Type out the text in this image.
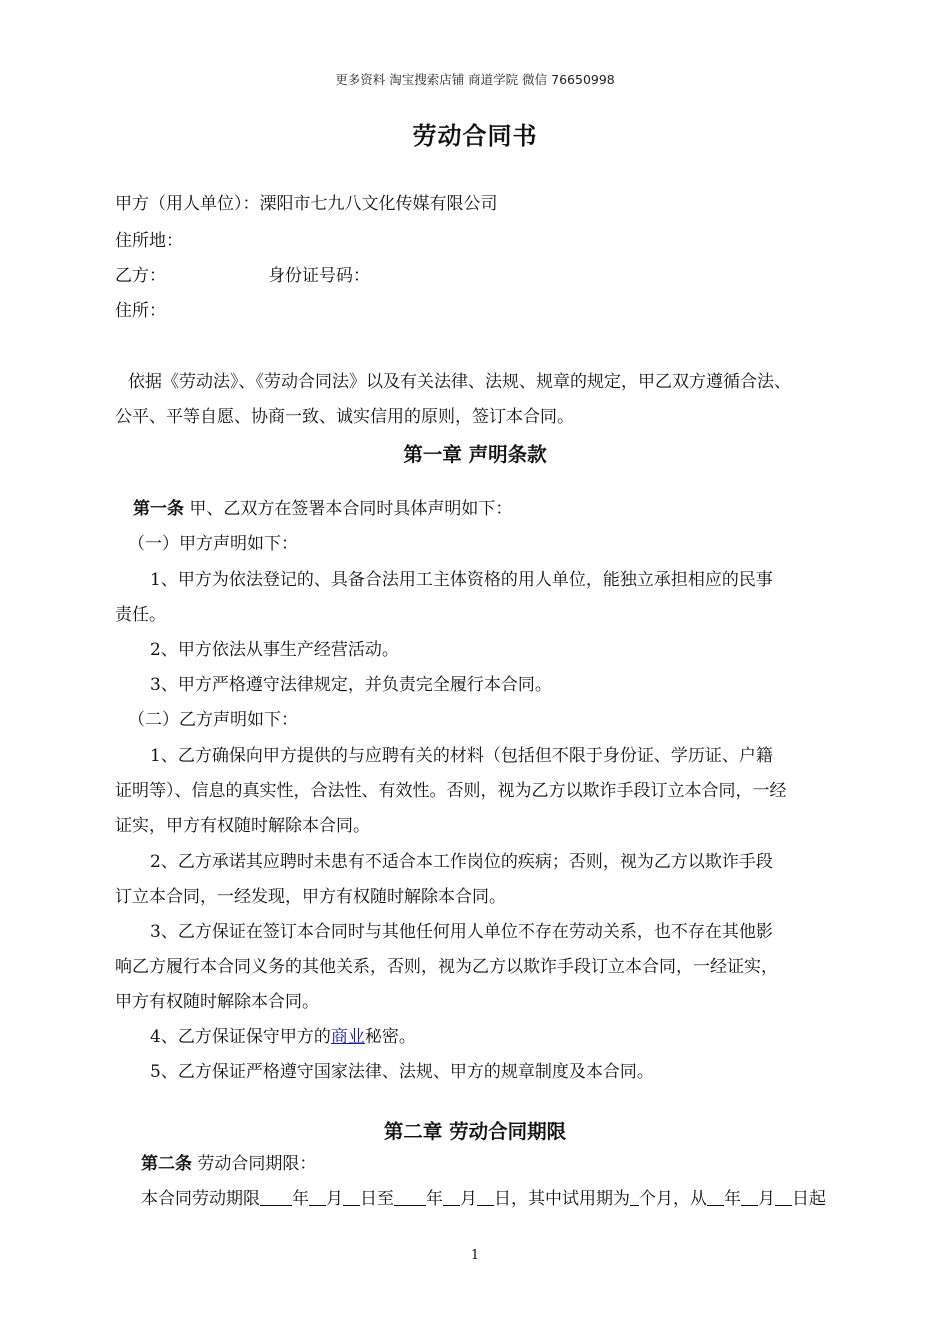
更多资料 淘宝搜索店铺 商道学院 微信 76650998
劳动合同书
甲方（用人单位）：溧阳市七九八文化传媒有限公司
住所地：
乙方：	身份证号码：
住所：
依据《劳动法》、《劳动合同法》以及有关法律、法规、规章的规定，甲乙双方遵循合法、
公平、平等自愿、协商一致、诚实信用的原则，签订本合同。
第一章 声明条款
第一条 甲、乙双方在签署本合同时具体声明如下：
（一）甲方声明如下：
1、甲方为依法登记的、具备合法用工主体资格的用人单位，能独立承担相应的民事
责任。
2、甲方依法从事生产经营活动。
3、甲方严格遵守法律规定，并负责完全履行本合同。
（二）乙方声明如下：
1、乙方确保向甲方提供的与应聘有关的材料（包括但不限于身份证、学历证、户籍
证明等）、信息的真实性，合法性、有效性。否则，视为乙方以欺诈手段订立本合同，一经
证实，甲方有权随时解除本合同。
2、乙方承诺其应聘时未患有不适合本工作岗位的疾病；否则，视为乙方以欺诈手段
订立本合同，一经发现，甲方有权随时解除本合同。
3、乙方保证在签订本合同时与其他任何用人单位不存在劳动关系，也不存在其他影
响乙方履行本合同义务的其他关系，否则，视为乙方以欺诈手段订立本合同，一经证实，
甲方有权随时解除本合同。
4、乙方保证保守甲方的商业秘密。
5、乙方保证严格遵守国家法律、法规、甲方的规章制度及本合同。
第二章 劳动合同期限
第二条 劳动合同期限：
本合同劳动期限 年 月 日至 年 月 日，其中试用期为 个月，从 年 月 日起
1
